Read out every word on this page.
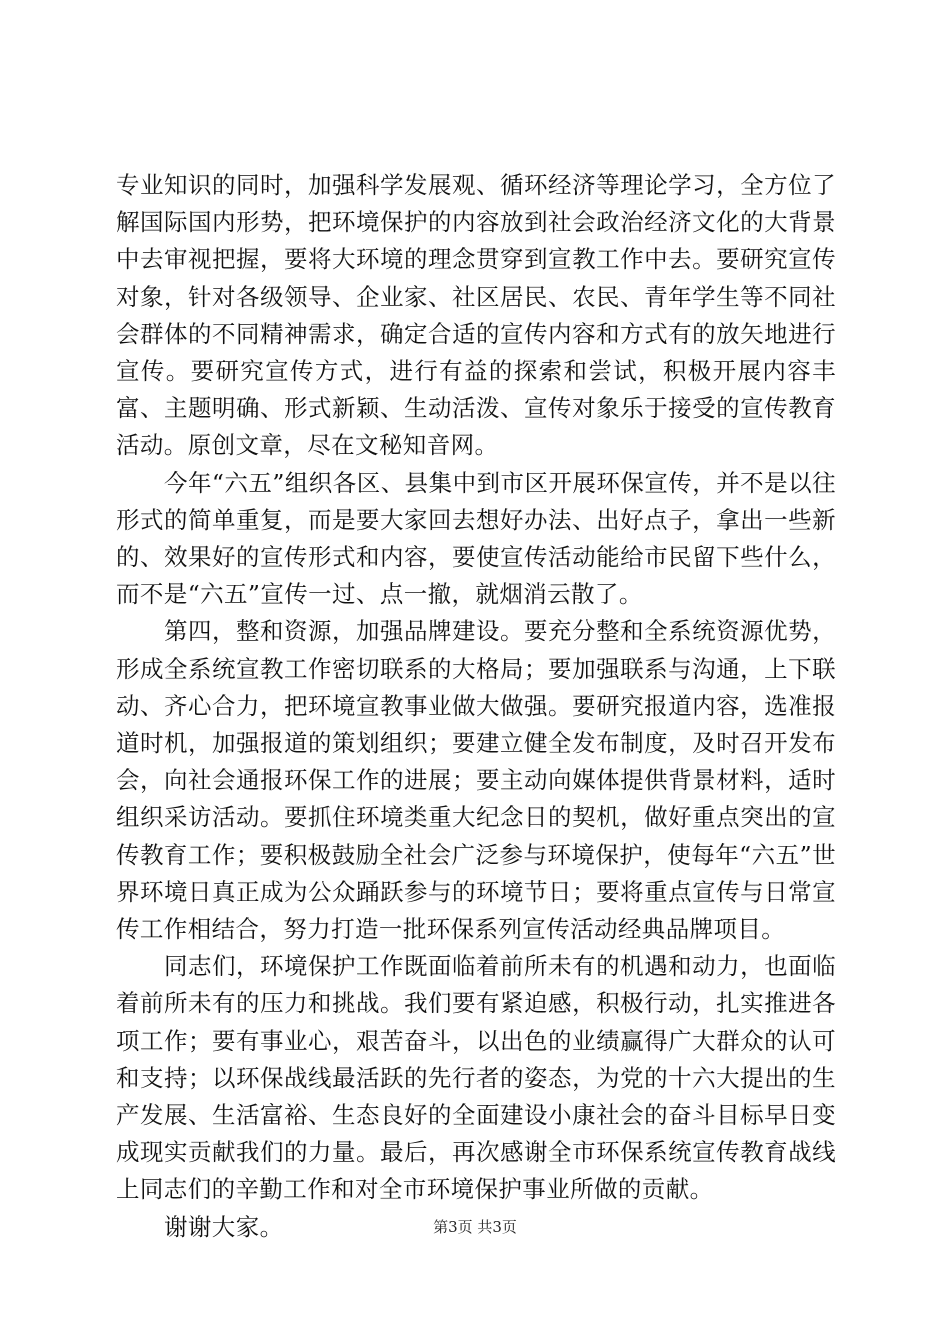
专业知识的同时，加强科学发展观、循环经济等理论学习，全方位了解国际国内形势，把环境保护的内容放到社会政治经济文化的大背景中去审视把握，要将大环境的理念贯穿到宣教工作中去。要研究宣传对象，针对各级领导、企业家、社区居民、农民、青年学生等不同社会群体的不同精神需求，确定合适的宣传内容和方式有的放矢地进行宣传。要研究宣传方式，进行有益的探索和尝试，积极开展内容丰富、主题明确、形式新颖、生动活泼、宣传对象乐于接受的宣传教育活动。原创文章，尽在文秘知音网。

今年“六五”组织各区、县集中到市区开展环保宣传，并不是以往形式的简单重复，而是要大家回去想好办法、出好点子，拿出一些新的、效果好的宣传形式和内容，要使宣传活动能给市民留下些什么，而不是“六五”宣传一过、点一撤，就烟消云散了。

第四，整和资源，加强品牌建设。要充分整和全系统资源优势，形成全系统宣教工作密切联系的大格局；要加强联系与沟通，上下联动、齐心合力，把环境宣教事业做大做强。要研究报道内容，选准报道时机，加强报道的策划组织；要建立健全发布制度，及时召开发布会，向社会通报环保工作的进展；要主动向媒体提供背景材料，适时组织采访活动。要抓住环境类重大纪念日的契机，做好重点突出的宣传教育工作；要积极鼓励全社会广泛参与环境保护，使每年“六五”世界环境日真正成为公众踊跃参与的环境节日；要将重点宣传与日常宣传工作相结合，努力打造一批环保系列宣传活动经典品牌项目。

同志们，环境保护工作既面临着前所未有的机遇和动力，也面临着前所未有的压力和挑战。我们要有紧迫感，积极行动，扎实推进各项工作；要有事业心，艰苦奋斗，以出色的业绩赢得广大群众的认可和支持；以环保战线最活跃的先行者的姿态，为党的十六大提出的生产发展、生活富裕、生态良好的全面建设小康社会的奋斗目标早日变成现实贡献我们的力量。最后，再次感谢全市环保系统宣传教育战线上同志们的辛勤工作和对全市环境保护事业所做的贡献。

谢谢大家。	第3页 共3页
